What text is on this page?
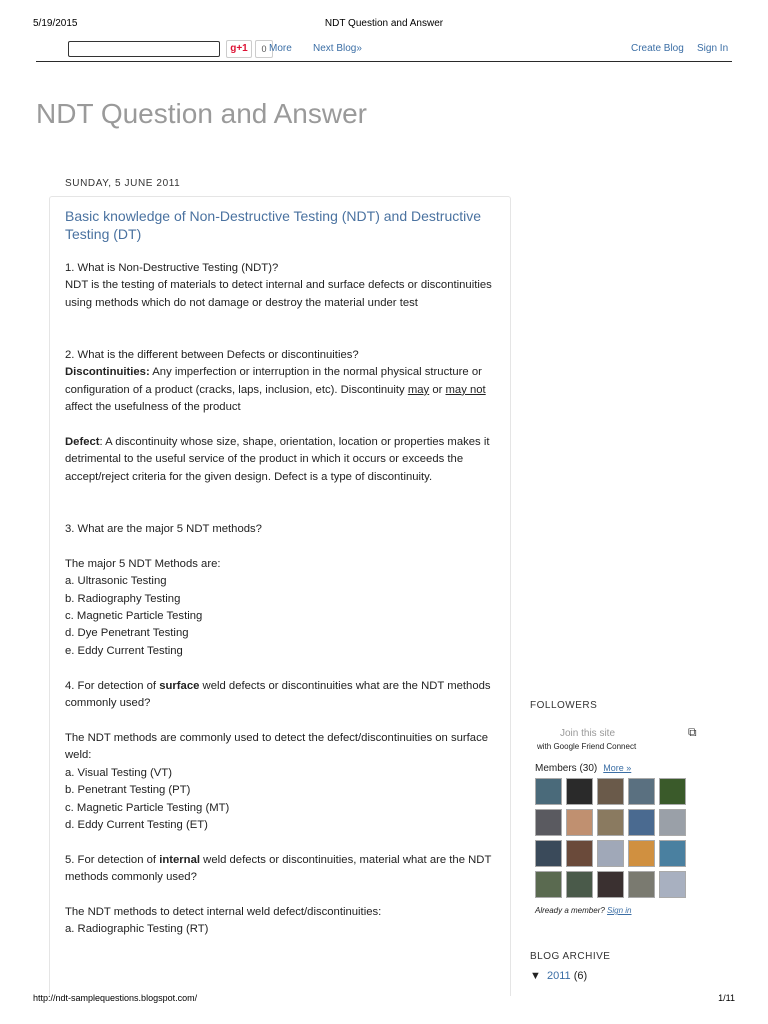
5/19/2015	NDT Question and Answer
g+1	0 More Next Blog»	Create Blog Sign In
NDT Question and Answer
SUNDAY, 5 JUNE 2011
Basic knowledge of Non-Destructive Testing (NDT) and Destructive Testing (DT)

1. What is Non-Destructive Testing (NDT)?

NDT is the testing of materials to detect internal and surface defects or discontinuities using methods which do not damage or destroy the material under test

2. What is the different between Defects or discontinuities?

Discontinuities: Any imperfection or interruption in the normal physical structure or configuration of a product (cracks, laps, inclusion, etc). Discontinuity may or may not affect the usefulness of the product

Defect: A discontinuity whose size, shape, orientation, location or properties makes it detrimental to the useful service of the product in which it occurs or exceeds the accept/reject criteria for the given design. Defect is a type of discontinuity.

3. What are the major 5 NDT methods?

The major 5 NDT Methods are:

a. Ultrasonic Testing

b. Radiography Testing

c. Magnetic Particle Testing

d. Dye Penetrant Testing

e. Eddy Current Testing

4. For detection of surface weld defects or discontinuities what are the NDT methods commonly used?

The NDT methods are commonly used to detect the defect/discontinuities on surface weld:

a. Visual Testing (VT)

b. Penetrant Testing (PT)

c. Magnetic Particle Testing (MT)

d. Eddy Current Testing (ET)

5. For detection of internal weld defects or discontinuities, material what are the NDT methods commonly used?

The NDT methods to detect internal weld defect/discontinuities:

a. Radiographic Testing (RT)

FOLLOWERS
Join this site	⧉
with Google Friend Connect
Members (30) More »
Already a member? Sign in
BLOG ARCHIVE
▼ 2011 (6)
http://ndt-samplequestions.blogspot.com/	1/11
